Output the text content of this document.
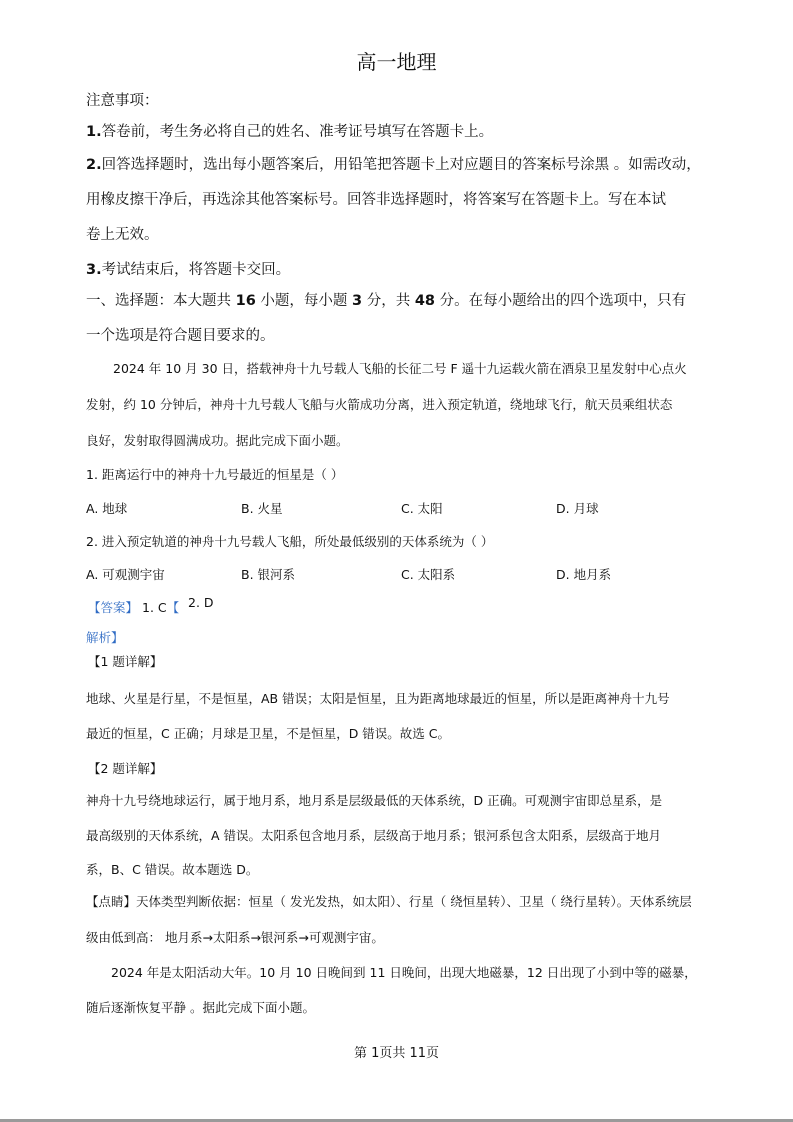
高一地理
注意事项：
1.答卷前，考生务必将自己的姓名、准考证号填写在答题卡上。
2.回答选择题时，选出每小题答案后，用铅笔把答题卡上对应题目的答案标号涂黑 。如需改动，
用橡皮擦干净后，再选涂其他答案标号。回答非选择题时，将答案写在答题卡上。写在本试
卷上无效。
3.考试结束后，将答题卡交回。
一、选择题：本大题共 16 小题，每小题 3 分，共 48 分。在每小题给出的四个选项中，只有
一个选项是符合题目要求的。
2024 年 10 月 30 日，搭载神舟十九号载人飞船的长征二号 F 遥十九运载火箭在酒泉卫星发射中心点火
发射，约 10 分钟后，神舟十九号载人飞船与火箭成功分离，进入预定轨道，绕地球飞行，航天员乘组状态
良好，发射取得圆满成功。据此完成下面小题。
1. 距离运行中的神舟十九号最近的恒星是（ ）
A. 地球	B. 火星	C. 太阳	D. 月球
2. 进入预定轨道的神舟十九号载人飞船，所处最低级别的天体系统为（ ）
A. 可观测宇宙	B. 银河系	C. 太阳系	D. 地月系
【答案】 1. C【 2. D
解析】
【1 题详解】
地球、火星是行星，不是恒星，AB 错误；太阳是恒星，且为距离地球最近的恒星，所以是距离神舟十九号
最近的恒星，C 正确；月球是卫星，不是恒星，D 错误。故选 C。
【2 题详解】
神舟十九号绕地球运行，属于地月系，地月系是层级最低的天体系统，D 正确。可观测宇宙即总星系，是
最高级别的天体系统，A 错误。太阳系包含地月系，层级高于地月系；银河系包含太阳系，层级高于地月
系，B、C 错误。故本题选 D。
【点睛】天体类型判断依据：恒星（ 发光发热，如太阳）、行星（ 绕恒星转）、卫星（ 绕行星转）。天体系统层
级由低到高： 地月系→太阳系→银河系→可观测宇宙。
2024 年是太阳活动大年。10 月 10 日晚间到 11 日晚间，出现大地磁暴，12 日出现了小到中等的磁暴，
随后逐渐恢复平静 。据此完成下面小题。
第 1页共 11页
